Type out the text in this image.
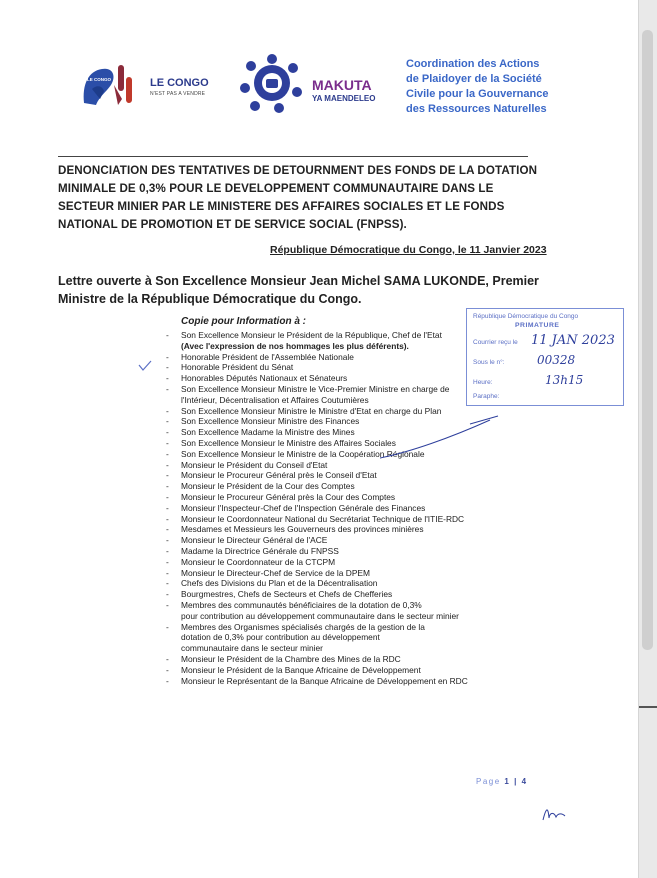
LE CONGO	LE CONGO
N'EST PAS A VENDRE
MAKUTA
YA MAENDELEO
Coordination des Actions
de Plaidoyer de la Société
Civile pour la Gouvernance
des Ressources Naturelles
DENONCIATION DES TENTATIVES DE DETOURNMENT DES FONDS DE LA DOTATION MINIMALE DE 0,3% POUR LE DEVELOPPEMENT COMMUNAUTAIRE DANS LE SECTEUR MINIER PAR LE MINISTERE DES AFFAIRES SOCIALES ET LE FONDS NATIONAL DE PROMOTION ET DE SERVICE SOCIAL (FNPSS).
République Démocratique du Congo, le 11 Janvier 2023
Lettre ouverte à Son Excellence Monsieur Jean Michel SAMA LUKONDE, Premier Ministre de la République Démocratique du Congo.
Copie pour Information à :
- Son Excellence Monsieur le Président de la République, Chef de l'Etat
(Avec l'expression de nos hommages les plus déférents).
- Honorable Président de l'Assemblée Nationale
- Honorable Président du Sénat
- Honorables Députés Nationaux et Sénateurs
- Son Excellence Monsieur Ministre le Vice-Premier Ministre en charge de
l'Intérieur, Décentralisation et Affaires Coutumières
- Son Excellence Monsieur Ministre le Ministre d'Etat en charge du Plan
- Son Excellence Monsieur Ministre des Finances
- Son Excellence Madame la Ministre des Mines
- Son Excellence Monsieur le Ministre des Affaires Sociales
- Son Excellence Monsieur le Ministre de la Coopération Régionale
- Monsieur le Président du Conseil d'Etat
- Monsieur le Procureur Général près le Conseil d'Etat
- Monsieur le Président de la Cour des Comptes
- Monsieur le Procureur Général près la Cour des Comptes
- Monsieur l'Inspecteur-Chef de l'Inspection Générale des Finances
- Monsieur le Coordonnateur National du Secrétariat Technique de l'ITIE-RDC
- Mesdames et Messieurs les Gouverneurs des provinces minières
- Monsieur le Directeur Général de l'ACE
- Madame la Directrice Générale du FNPSS
- Monsieur le Coordonnateur de la CTCPM
- Monsieur le Directeur-Chef de Service de la DPEM
- Chefs des Divisions du Plan et de la Décentralisation
- Bourgmestres, Chefs de Secteurs et Chefs de Chefferies
- Membres des communautés bénéficiaires de la dotation de 0,3%
pour contribution au développement communautaire dans le secteur minier
- Membres des Organismes spécialisés chargés de la gestion de la
dotation de 0,3% pour contribution au développement
communautaire dans le secteur minier
- Monsieur le Président de la Chambre des Mines de la RDC
- Monsieur le Président de la Banque Africaine de Développement
- Monsieur le Représentant de la Banque Africaine de Développement en RDC
République Démocratique du Congo
PRIMATURE
Courrier reçu le 11 JAN 2023
Sous le n°:	00328
Heure:	13h15
Paraphe:
Page 1 | 4
